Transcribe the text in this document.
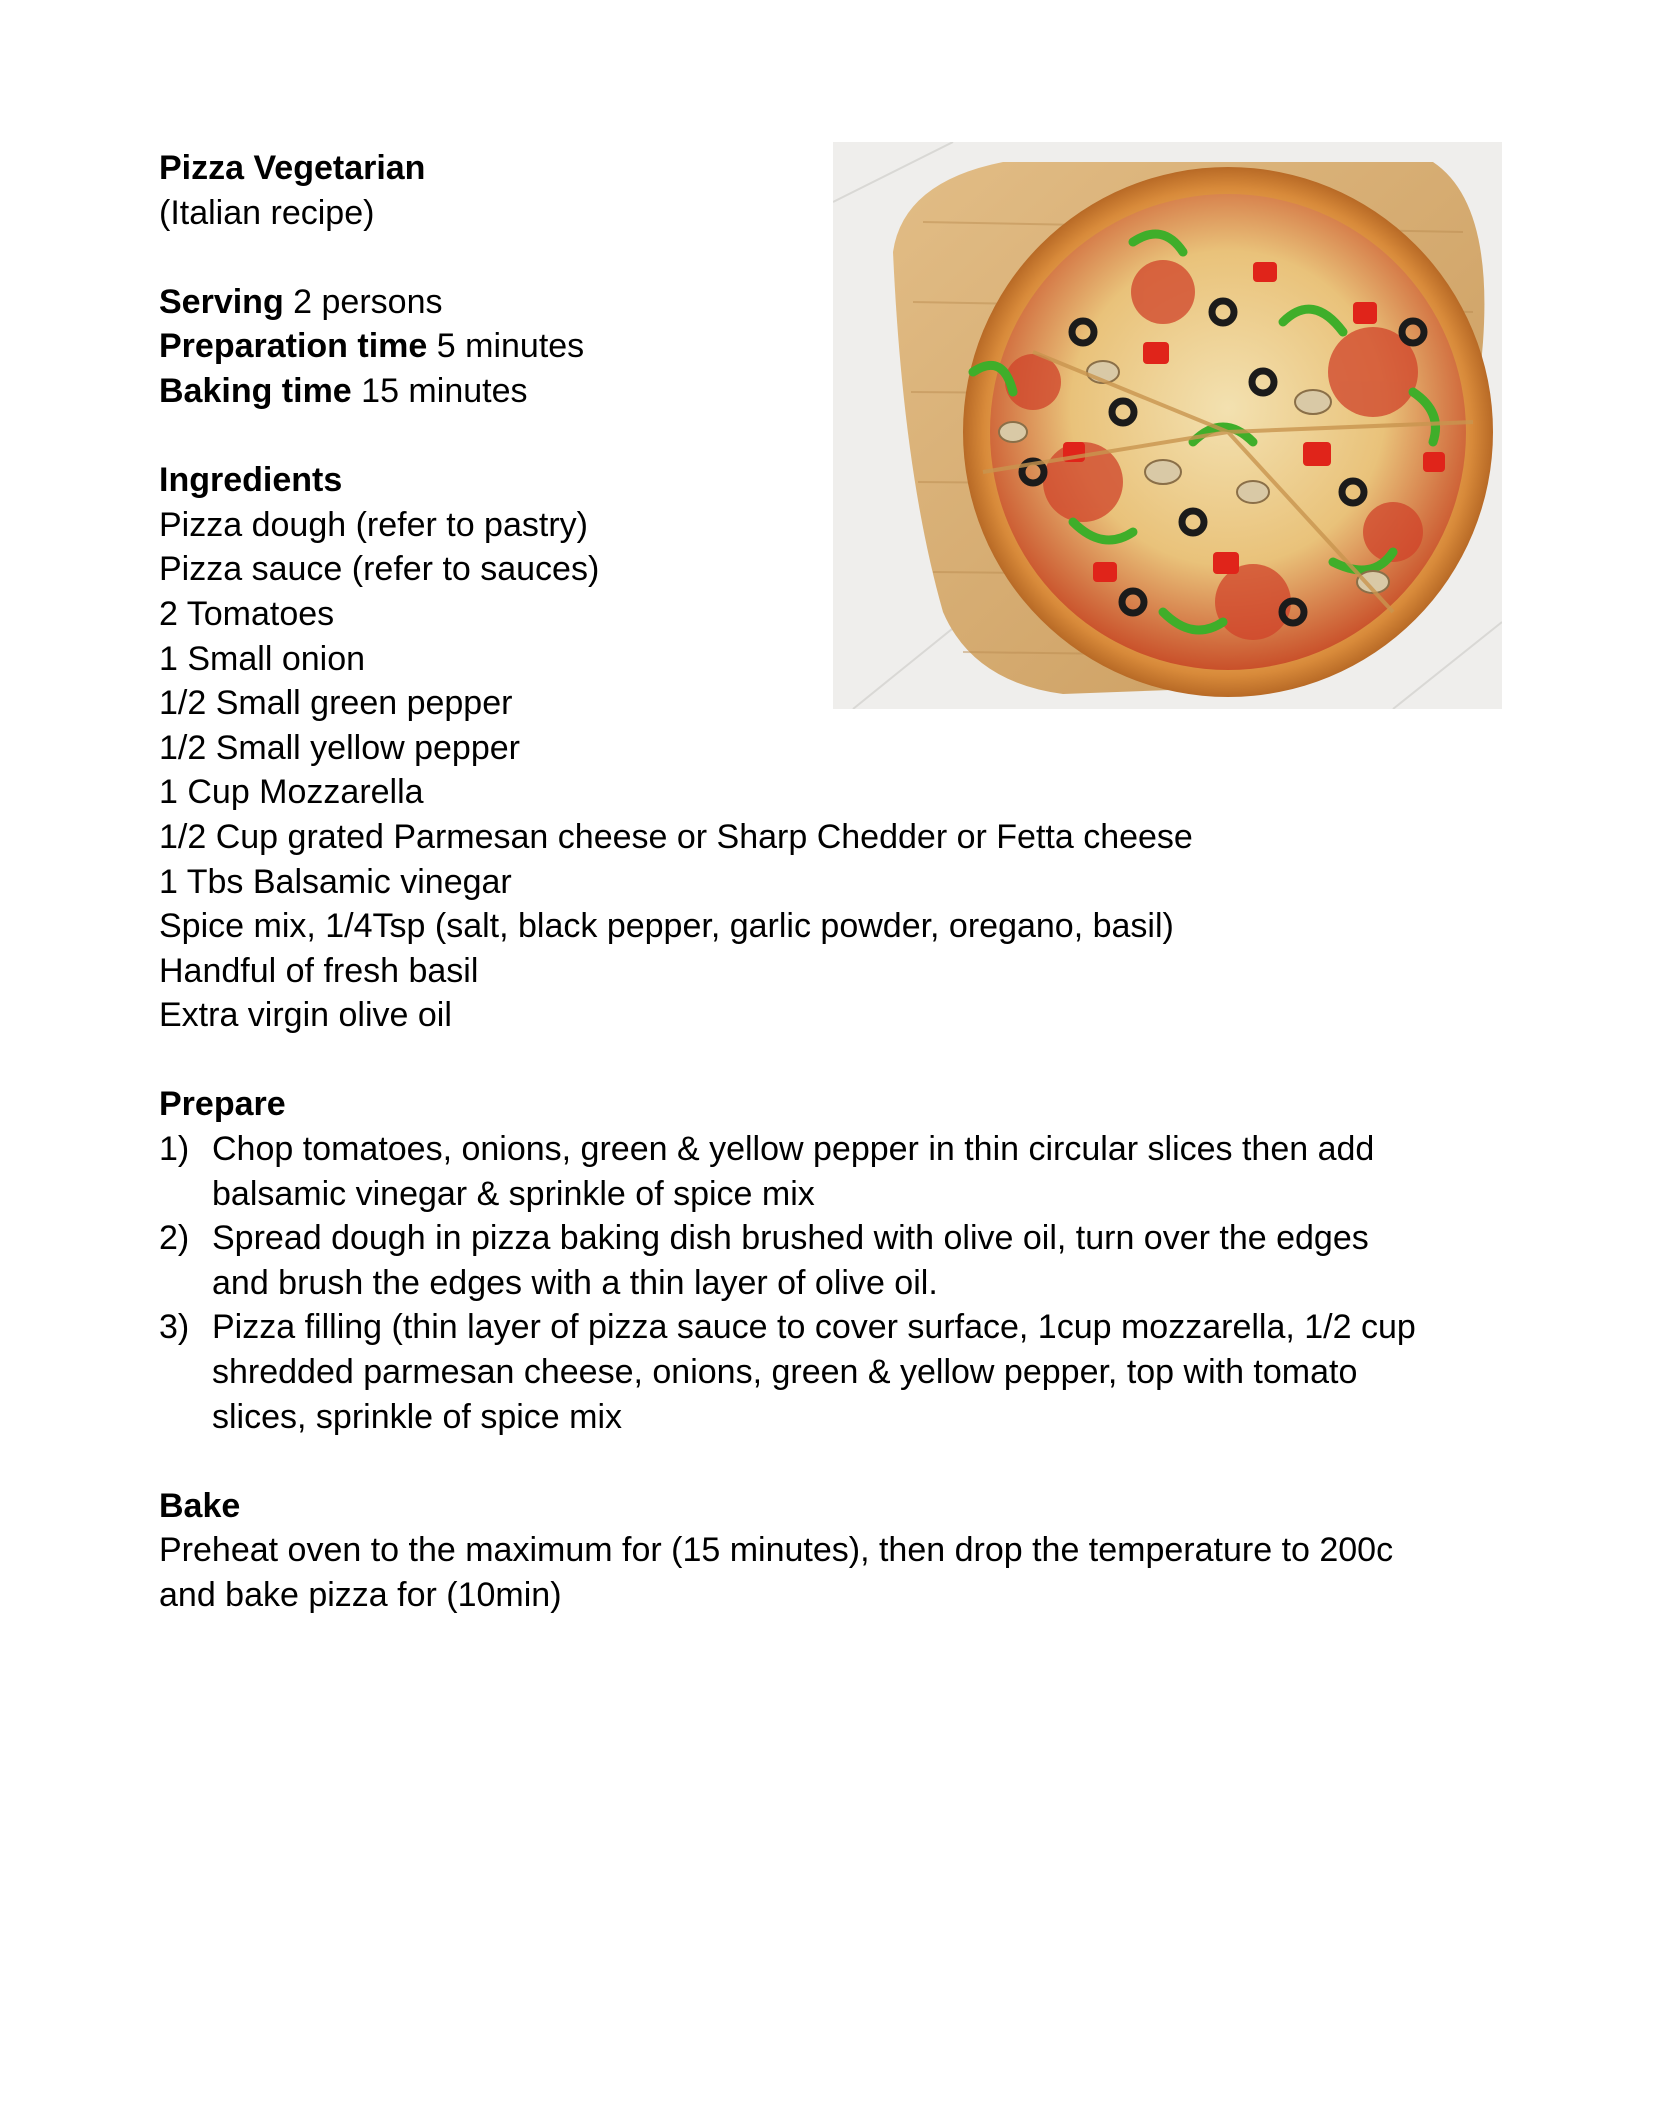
Pizza Vegetarian
(Italian recipe)
Serving 2 persons
Preparation time 5 minutes
Baking time 15 minutes
Ingredients
Pizza dough (refer to pastry)
Pizza sauce (refer to sauces)
2 Tomatoes
1 Small onion
1/2 Small green pepper
1/2 Small yellow pepper
1 Cup Mozzarella
1/2 Cup grated Parmesan cheese or Sharp Chedder or Fetta cheese
1 Tbs Balsamic vinegar
Spice mix, 1/4Tsp (salt, black pepper, garlic powder, oregano, basil)
Handful of fresh basil
Extra virgin olive oil
Prepare
1) Chop tomatoes, onions, green & yellow pepper in thin circular slices then add
balsamic vinegar & sprinkle of spice mix
2) Spread dough in pizza baking dish brushed with olive oil, turn over the edges
and brush the edges with a thin layer of olive oil.
3) Pizza filling (thin layer of pizza sauce to cover surface, 1cup mozzarella, 1/2 cup
shredded parmesan cheese, onions, green & yellow pepper, top with tomato
slices, sprinkle of spice mix
Bake
Preheat oven to the maximum for (15 minutes), then drop the temperature to 200c
and bake pizza for (10min)
